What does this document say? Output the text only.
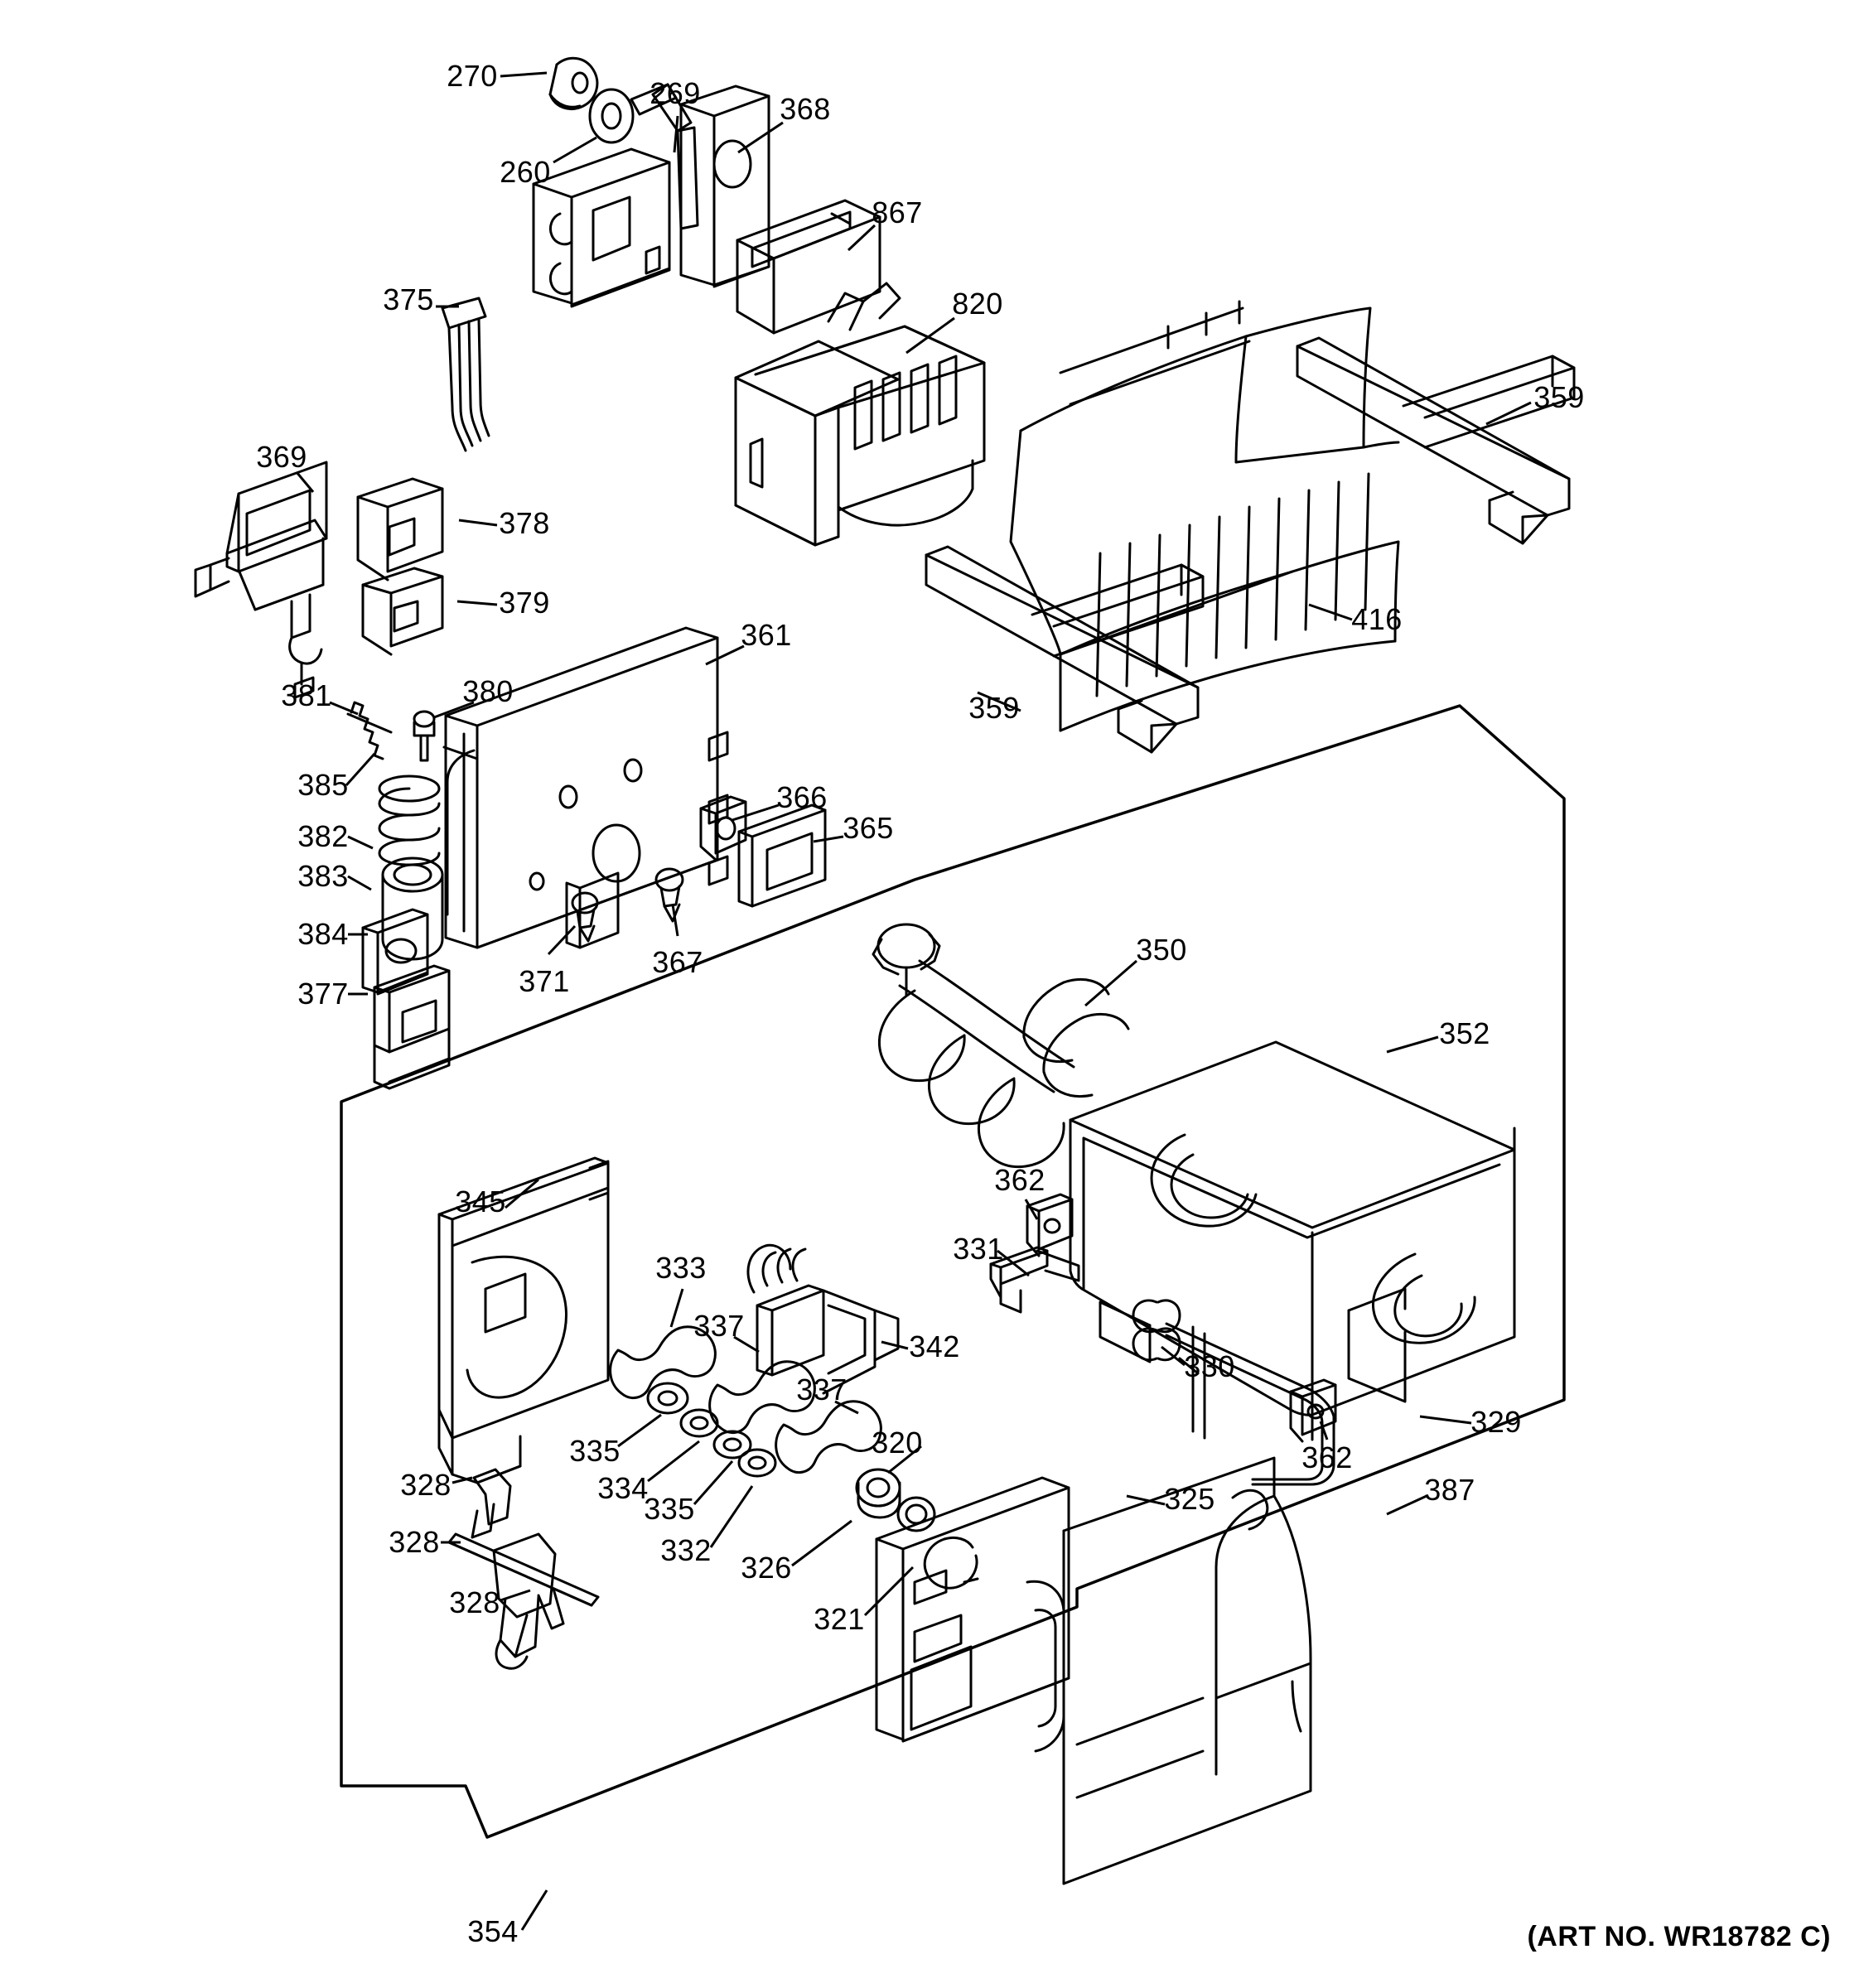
270
269	368
260
867
820
375
359
369
378
379	416
361
381	380	359
385
382
366
365
383
384
377	371
367	350
352
362
331
345
333
337
342
330
337
329
362
335	320
334
335
328	325	387
328	332
326
321
328
354	(ART NO. WR18782 C)
